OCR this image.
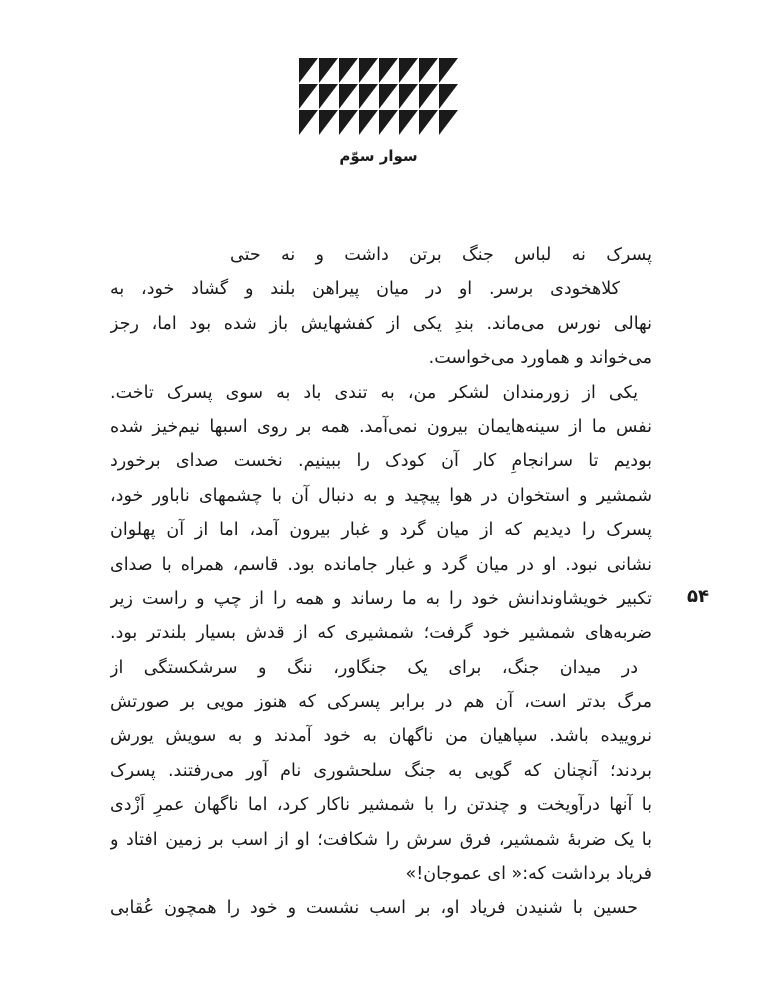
سوار سوّم
پسرک نه لباس جنگ برتن داشت و نه حتی
کلاهخودی برسر. او در میان پیراهن بلند و گشاد خود، به
نهالی نورس می‌ماند. بندِ یکی از کفشهایش باز شده بود اما، رجز
می‌خواند و هماورد می‌خواست.
یکی از زورمندان لشکر من، به تندی باد به سوی پسرک تاخت.
نفس ما از سینه‌هایمان بیرون نمی‌آمد. همه بر روی اسبها نیم‌خیز شده
بودیم تا سرانجامِ کار آن کودک را ببینیم. نخست صدای برخورد
شمشیر و استخوان در هوا پیچید و به دنبال آن با چشمهای ناباور خود،
پسرک را دیدیم که از میان گرد و غبار بیرون آمد، اما از آن پهلوان
نشانی نبود. او در میان گرد و غبار جامانده بود. قاسم، همراه با صدای
تکبیر خویشاوندانش خود را به ما رساند و همه را از چپ و راست زیر
ضربه‌های شمشیر خود گرفت؛ شمشیری که از قدش بسیار بلندتر بود.
در میدان جنگ، برای یک جنگاور، ننگ و سرشکستگی از
مرگ بدتر است، آن هم در برابر پسرکی که هنوز مویی بر صورتش
نروییده باشد. سپاهیان من ناگهان به خود آمدند و به سویش یورش
بردند؛ آنچنان که گویی به جنگ سلحشوری نام آور می‌رفتند. پسرک
با آنها درآویخت و چندتن را با شمشیر ناکار کرد، اما ناگهان عمرِ اَزْدی
با یک ضربهٔ شمشیر، فرق سرش را شکافت؛ او از اسب بر زمین افتاد و
فریاد برداشت که:« ای عموجان!»
حسین با شنیدن فریاد او، بر اسب نشست و خود را همچون عُقابی
۵۴
